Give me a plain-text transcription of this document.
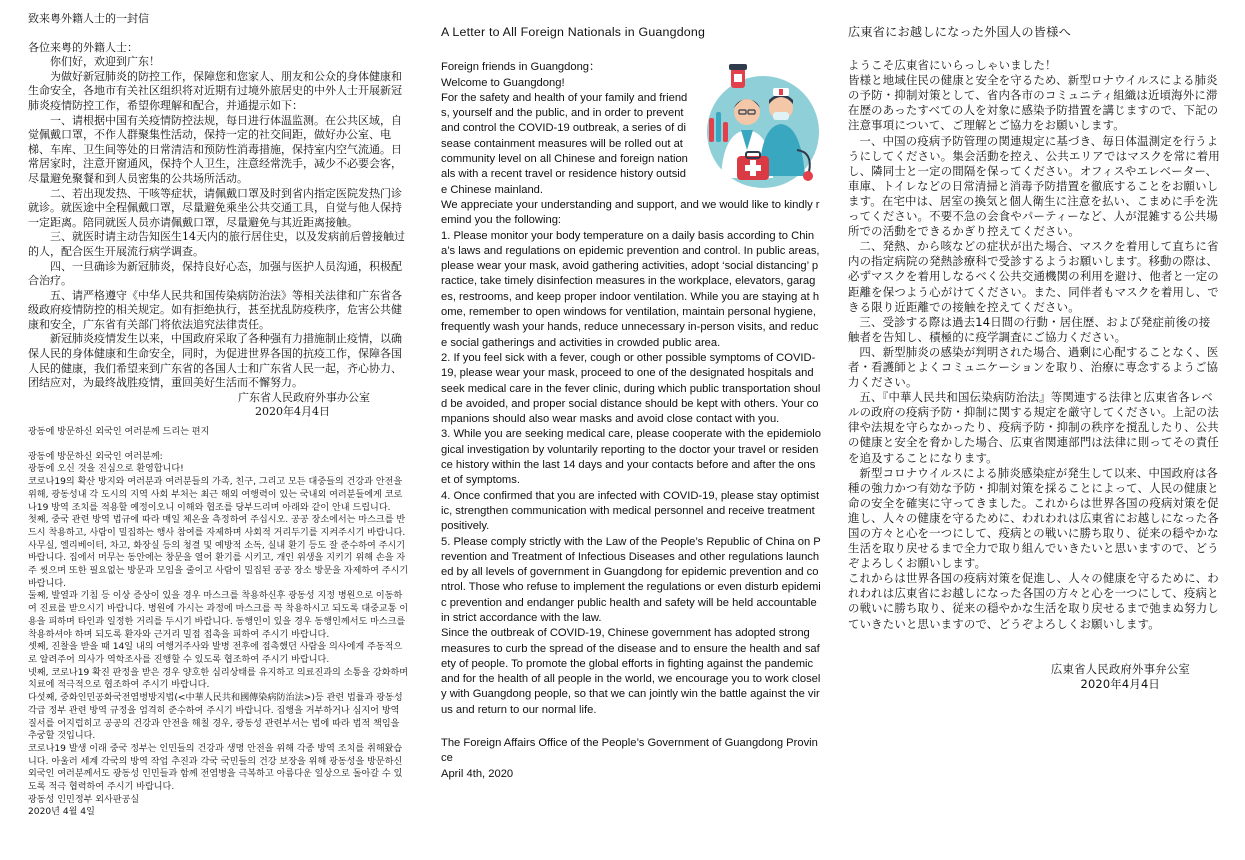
致来粤外籍人士的一封信

各位来粤的外籍人士：

你们好，欢迎到广东！

为做好新冠肺炎的防控工作，保障您和您家人、朋友和公众的身体健康和生命安全，各地市有关社区组织将对近期有过境外旅居史的中外人士开展新冠肺炎疫情防控工作，希望你理解和配合，并通提示如下：

一、请根据中国有关疫情防控法规，每日进行体温监测。在公共区域，自觉佩戴口罩，不作人群聚集性活动，保持一定的社交间距，做好办公室、电梯、车库、卫生间等处的日常清洁和预防性消毒措施，保持室内空气流通。日常居家时，注意开窗通风，保持个人卫生，注意经常洗手，减少不必要会客，尽量避免聚餐和到人员密集的公共场所活动。

二、若出现发热、干咳等症状，请佩戴口罩及时到省内指定医院发热门诊就诊。就医途中全程佩戴口罩，尽量避免乘坐公共交通工具，自觉与他人保持一定距离。陪同就医人员亦请佩戴口罩，尽量避免与其近距离接触。

三、就医时请主动告知医生14天内的旅行居住史，以及发病前后曾接触过的人，配合医生开展流行病学调查。

四、一旦确诊为新冠肺炎，保持良好心态，加强与医护人员沟通，积极配合治疗。

五、请严格遵守《中华人民共和国传染病防治法》等相关法律和广东省各级政府疫情防控的相关规定。如有拒绝执行，甚至扰乱防疫秩序，危害公共健康和安全，广东省有关部门将依法追究法律责任。

新冠肺炎疫情发生以来，中国政府采取了各种强有力措施制止疫情，以确保人民的身体健康和生命安全，同时，为促进世界各国的抗疫工作，保障各国人民的健康，我们希望来到广东省的各国人士和广东省人民一起，齐心协力、团结应对，为最终战胜疫情，重回美好生活而不懈努力。

广东省人民政府外事办公室

2020年4月4日

광동에 방문하신 외국인 여러분께 드리는 편지

광동에 방문하신 외국인 여러분께:

광동에 오신 것을 진심으로 환영합니다!

코로나19의 확산 방지와 여러분과 여러분들의 가족, 친구, 그리고 모든 대중들의 건강과 안전을 위해, 광동성내 각 도시의 지역 사회 부처는 최근 해외 여행력이 있는 국내외 여러분들에게 코로나19 방역 조치를 적용할 예정이오니 이해와 협조를 당부드리며 아래와 같이 안내 드립니다.

첫째, 중국 관련 방역 법규에 따라 매일 체온을 측정하여 주십시오. 공공 장소에서는 마스크를 반드시 착용하고, 사람이 밀집하는 행사 참여를 자제하며 사회적 거리두기를 지켜주시기 바랍니다. 사무실, 엘리베이터, 차고, 화장실 등의 청결 및 예방적 소독, 실내 환기 등도 잘 준수하여 주시기 바랍니다. 집에서 머무는 동안에는 창문을 열어 환기를 시키고, 개인 위생을 지키기 위해 손을 자주 씻으며 또한 필요없는 방문과 모임을 줄이고 사람이 밀집된 공공 장소 방문을 자제하여 주시기 바랍니다.

둘째, 발열과 기침 등 이상 증상이 있을 경우 마스크를 착용하신후 광동성 지정 병원으로 이동하여 진료를 받으시기 바랍니다. 병원에 가시는 과정에 마스크를 꼭 착용하시고 되도록 대중교통 이용을 피하며 타인과 일정한 거리를 두시기 바랍니다. 동행인이 있을 경우 동행인께서도 마스크를 착용하셔야 하며 되도록 환자와 근거리 밀접 접촉을 피하여 주시기 바랍니다.

셋째, 진찰을 받을 때 14일 내의 여행거주사와 발병 전후에 접촉했던 사람을 의사에게 주동적으로 알려주어 의사가 역학조사를 진행할 수 있도록 협조하여 주시기 바랍니다.

넷째, 코로나19 확진 판정을 받은 경우 양호한 심리상태를 유지하고 의료진과의 소통을 강화하며 치료에 적극적으로 협조하여 주시기 바랍니다.

다섯째, 중화인민공화국전염병방지법(<中華人民共和國傳染病防治法>)등 관련 법률과 광동성 각급 정부 관련 방역 규정을 엄격히 준수하여 주시기 바랍니다. 집행을 거부하거나 심지어 방역 질서를 어지럽히고 공공의 건강과 안전을 해칠 경우, 광동성 관련부서는 법에 따라 법적 책임을 추궁할 것입니다.

코로나19 발생 이래 중국 정부는 인민들의 건강과 생명 안전을 위해 각종 방역 조치를 취해왔습니다. 아울러 세계 각국의 방역 작업 추진과 각국 국민들의 건강 보장을 위해 광동성을 방문하신 외국인 여러분께서도 광동성 인민들과 함께 전염병을 극복하고 아름다운 일상으로 돌아갈 수 있도록 적극 협력하여 주시기 바랍니다.

광동성 인민정부 외사판공실

2020년 4월 4일

A Letter to All Foreign Nationals in Guangdong

Foreign friends in Guangdong：
Welcome to Guangdong!
For the safety and health of your family and friends, yourself and the public, and in order to prevent and control the COVID-19 outbreak, a series of disease containment measures will be rolled out at community level on all Chinese and foreign nationals with a recent travel or residence history outside Chinese mainland.

We appreciate your understanding and support, and we would like to kindly remind you the following:

1. Please monitor your body temperature on a daily basis according to China’s laws and regulations on epidemic prevention and control. In public areas, please wear your mask, avoid gathering activities, adopt ‘social distancing’ practice, take timely disinfection measures in the workplace, elevators, garages, restrooms, and keep proper indoor ventilation. While you are staying at home, remember to open windows for ventilation, maintain personal hygiene, frequently wash your hands, reduce unnecessary in-person visits, and reduce social gatherings and activities in crowded public area.

2. If you feel sick with a fever, cough or other possible symptoms of COVID-19, please wear your mask, proceed to one of the designated hospitals and seek medical care in the fever clinic, during which public transportation should be avoided, and proper social distance should be kept with others. Your companions should also wear masks and avoid close contact with you.

3. While you are seeking medical care, please cooperate with the epidemiological investigation by voluntarily reporting to the doctor your travel or residence history within the last 14 days and your contacts before and after the onset of symptoms.

4. Once confirmed that you are infected with COVID-19, please stay optimistic, strengthen communication with medical personnel and receive treatment positively.

5. Please comply strictly with the Law of the People’s Republic of China on Prevention and Treatment of Infectious Diseases and other regulations launched by all levels of government in Guangdong for epidemic prevention and control. Those who refuse to implement the regulations or even disturb epidemic prevention and endanger public health and safety will be held accountable in strict accordance with the law.

Since the outbreak of COVID-19, Chinese government has adopted strong measures to curb the spread of the disease and to ensure the health and safety of people. To promote the global efforts in fighting against the pandemic and for the health of all people in the world, we encourage you to work closely with Guangdong people, so that we can jointly win the battle against the virus and return to our normal life.

The Foreign Affairs Office of the People’s Government of Guangdong Province

April 4th, 2020

広東省にお越しになった外国人の皆様へ

ようこそ広東省にいらっしゃいました！

皆様と地域住民の健康と安全を守るため、新型ロナウイルスによる肺炎の予防・抑制対策として、省内各市のコミュニティ組織は近頃海外に滞在歴のあったすべての人を対象に感染予防措置を講じますので、下記の注意事項について、ご理解とご協力をお願いします。

一、中国の疫病予防管理の関連規定に基づき、毎日体温測定を行うようにしてください。集会活動を控え、公共エリアではマスクを常に着用し、隣同士と一定の間隔を保ってください。オフィスやエレベーター、車庫、トイレなどの日常清掃と消毒予防措置を徹底することをお願いします。在宅中は、居室の換気と個人衛生に注意を払い、こまめに手を洗ってください。不要不急の会食やパーティーなど、人が混雑する公共場所での活動をできるかぎり控えてください。

二、発熱、から咳などの症状が出た場合、マスクを着用して直ちに省内の指定病院の発熱診療科で受診するようお願いします。移動の際は、必ずマスクを着用しなるべく公共交通機関の利用を避け、他者と一定の距離を保つよう心がけてください。また、同伴者もマスクを着用し、できる限り近距離での接触を控えてください。

三、受診する際は過去14日間の行動・居住歴、および発症前後の接触者を告知し、積極的に疫学調査にご協力ください。

四、新型肺炎の感染が判明された場合、過剰に心配することなく、医者・看護師とよくコミュニケーションを取り、治療に専念するようご協力ください。

五、『中華人民共和国伝染病防治法』等関連する法律と広東省各レベルの政府の疫病予防・抑制に関する規定を厳守してください。上記の法律や法規を守らなかったり、疫病予防・抑制の秩序を撹乱したり、公共の健康と安全を脅かした場合、広東省関連部門は法律に則ってその責任を追及することになります。

新型コロナウイルスによる肺炎感染症が発生して以来、中国政府は各種の強力かつ有効な予防・抑制対策を採ることによって、人民の健康と命の安全を確実に守ってきました。これからは世界各国の疫病対策を促進し、人々の健康を守るために、われわれは広東省にお越しになった各国の方々と心を一つにして、疫病との戦いに勝ち取り、従来の穏やかな生活を取り戻せるまで全力で取り組んでいきたいと思いますので、どうぞよろしくお願いします。

これからは世界各国の疫病対策を促進し、人々の健康を守るために、われわれは広東省にお越しになった各国の方々と心を一つにして、疫病との戦いに勝ち取り、従来の穏やかな生活を取り戻せるまで弛まぬ努力していきたいと思いますので、どうぞよろしくお願いします。

広東省人民政府外事弁公室

2020年4月4日
